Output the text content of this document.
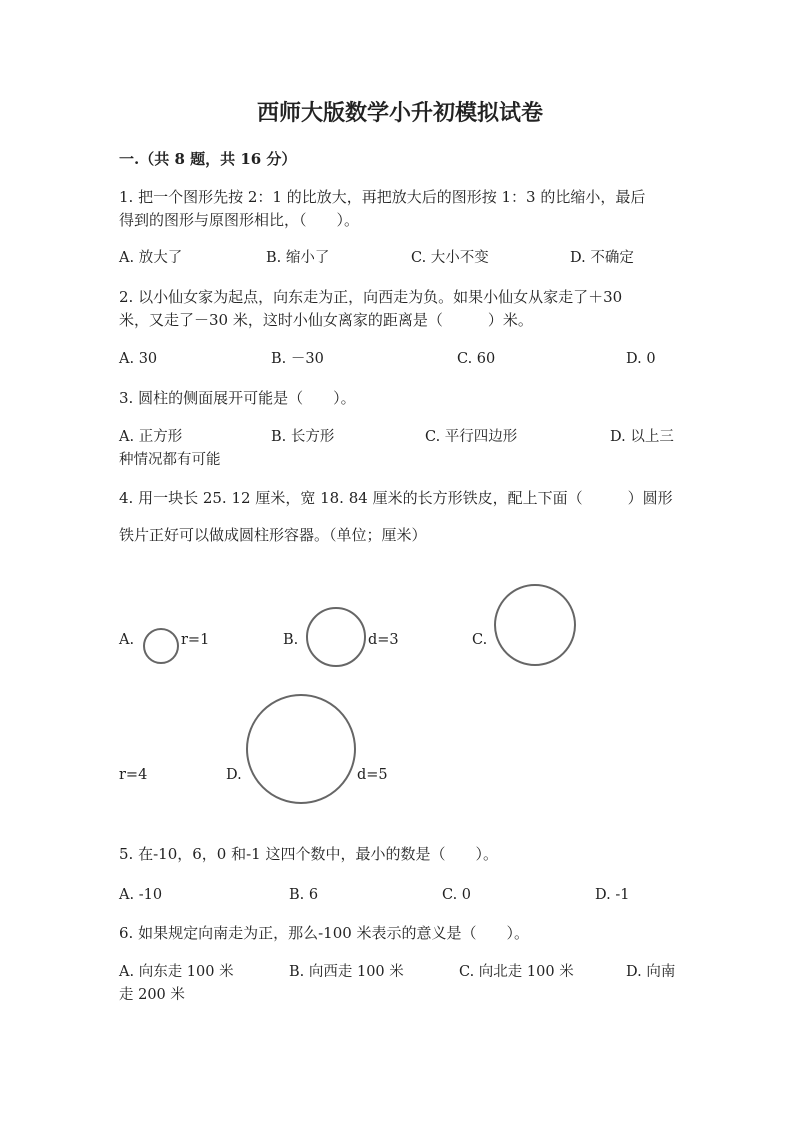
西师大版数学小升初模拟试卷
一.（共 8 题，共 16 分）
1. 把一个图形先按 2：1 的比放大，再把放大后的图形按 1：3 的比缩小，最后
得到的图形与原图形相比，（　　）。
A. 放大了	B. 缩小了	C. 大小不变	D. 不确定
2. 以小仙女家为起点，向东走为正，向西走为负。如果小仙女从家走了＋30
米，又走了－30 米，这时小仙女离家的距离是（　　　）米。
A. 30	B. －30	C. 60	D. 0
3. 圆柱的侧面展开可能是（　　）。
A. 正方形	B. 长方形	C. 平行四边形	D. 以上三
种情况都有可能
4. 用一块长 25. 12 厘米，宽 18. 84 厘米的长方形铁皮，配上下面（　　　）圆形
铁片正好可以做成圆柱形容器。（单位；厘米）
A.	r=1	B.	d=3	C.
r=4	D.	d=5
5. 在-10，6，0 和-1 这四个数中，最小的数是（　　）。
A. -10	B. 6	C. 0	D. -1
6. 如果规定向南走为正，那么-100 米表示的意义是（　　）。
A. 向东走 100 米	B. 向西走 100 米	C. 向北走 100 米	D. 向南
走 200 米
